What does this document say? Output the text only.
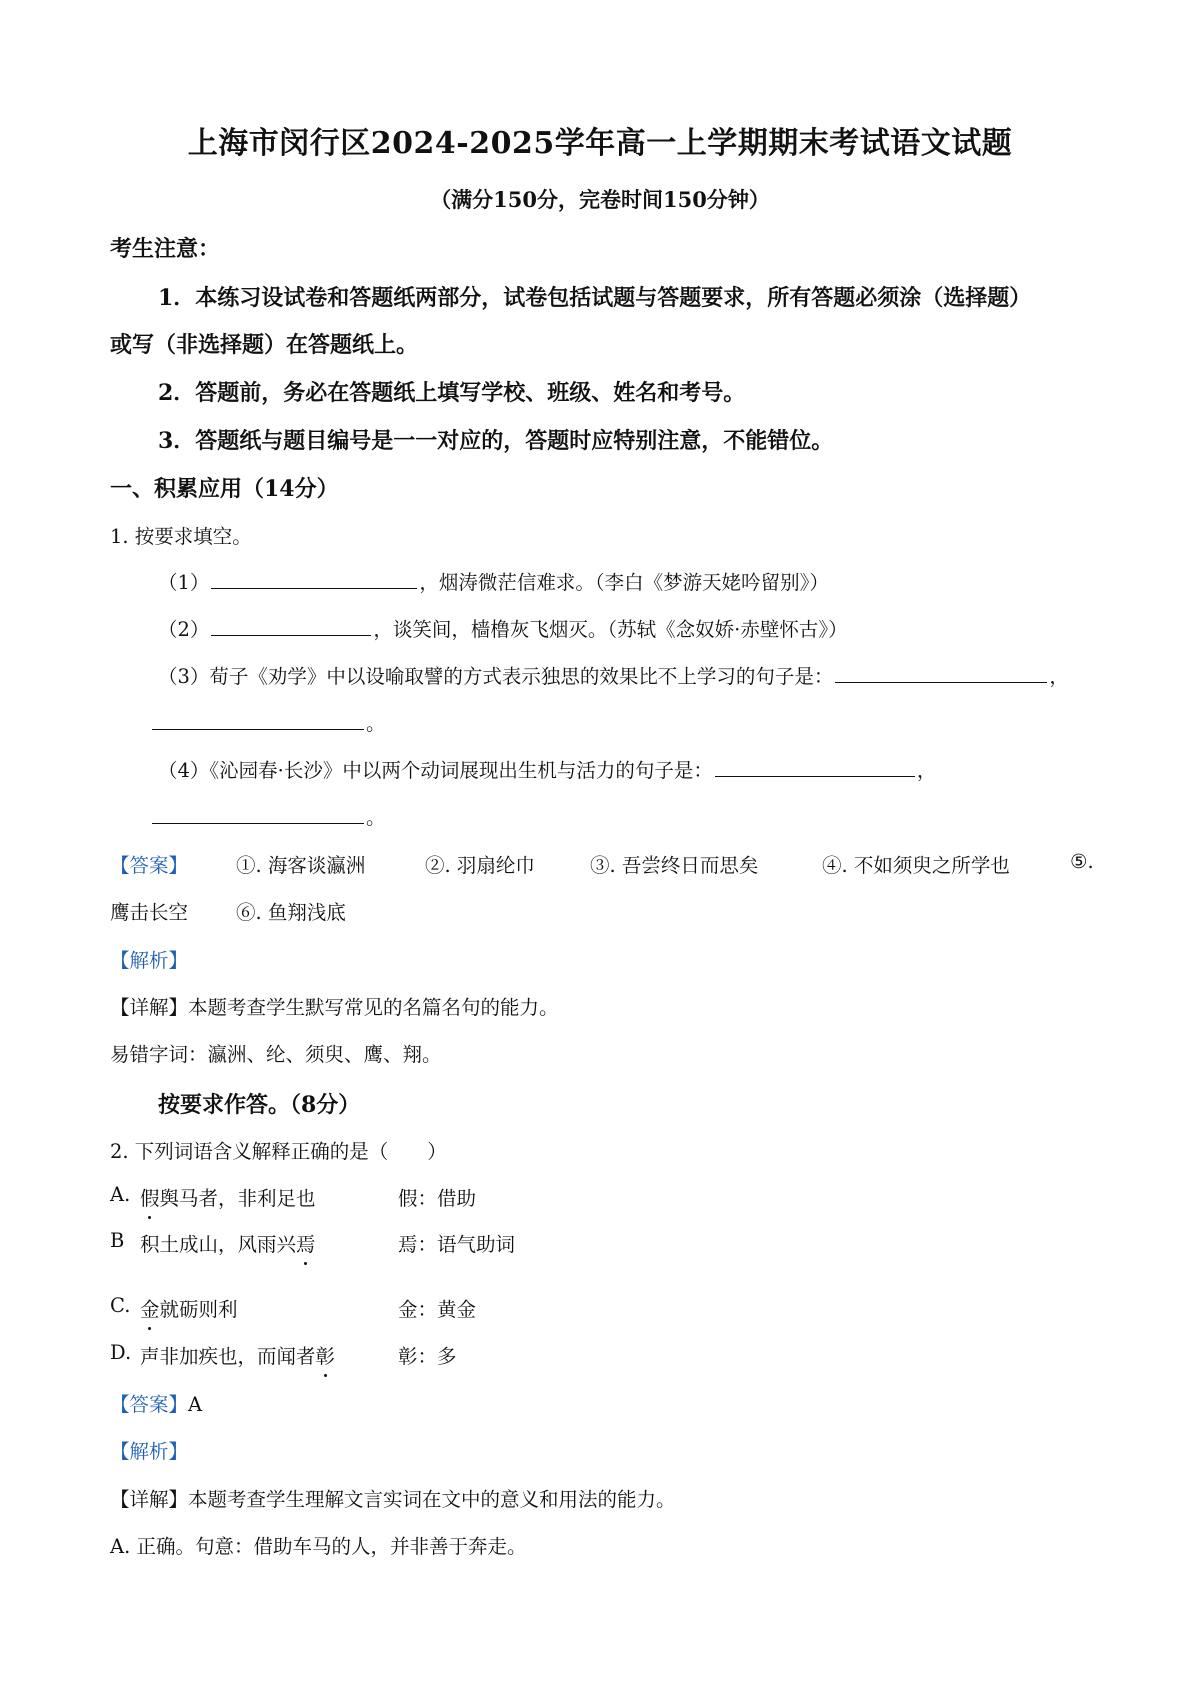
上海市闵行区2024-2025学年高一上学期期末考试语文试题
（满分150分，完卷时间150分钟）
考生注意：
1．本练习设试卷和答题纸两部分，试卷包括试题与答题要求，所有答题必须涂（选择题）
或写（非选择题）在答题纸上。
2．答题前，务必在答题纸上填写学校、班级、姓名和考号。
3．答题纸与题目编号是一一对应的，答题时应特别注意，不能错位。
一、积累应用（14分）
1. 按要求填空。
（1）	，烟涛微茫信难求。（李白《梦游天姥吟留别》）
（2）	，谈笑间，樯橹灰飞烟灭。（苏轼《念奴娇·赤壁怀古》）
（3）荀子《劝学》中以设喻取譬的方式表示独思的效果比不上学习的句子是：	，
。
（4）《沁园春·长沙》中以两个动词展现出生机与活力的句子是：	，
。
【答案】 ①. 海客谈瀛洲	②. 羽扇纶巾	③. 吾尝终日而思矣	④. 不如须臾之所学也	⑤.
鹰击长空 ⑥. 鱼翔浅底
【解析】
【详解】本题考查学生默写常见的名篇名句的能力。
易错字词：瀛洲、纶、须臾、鹰、翔。
按要求作答。（8分）
2. 下列词语含义解释正确的是（　　）
A. 假舆马者，非利足也	假：借助
B 积土成山，风雨兴焉	焉：语气助词
C. 金就砺则利	金：黄金
D. 声非加疾也，而闻者彰	彰：多
【答案】A
【解析】
【详解】本题考查学生理解文言实词在文中的意义和用法的能力。
A. 正确。句意：借助车马的人，并非善于奔走。
